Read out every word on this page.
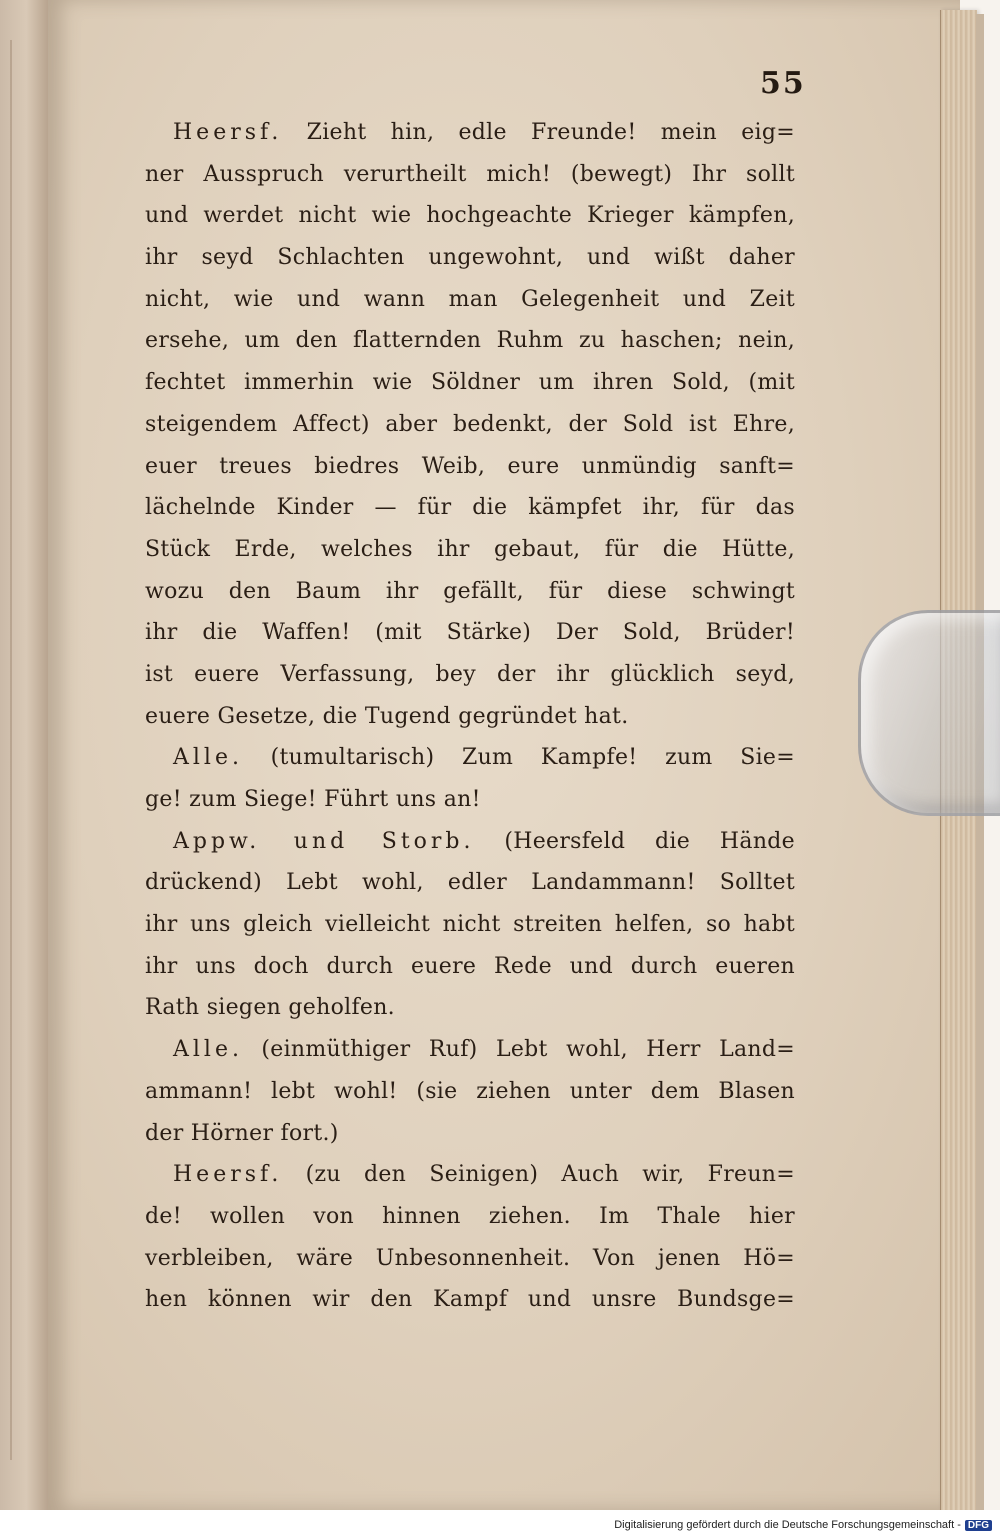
55
Heersf. Zieht hin, edle Freunde! mein eig=
ner Ausspruch verurtheilt mich! (bewegt) Ihr sollt
und werdet nicht wie hochgeachte Krieger kämpfen,
ihr seyd Schlachten ungewohnt, und wißt daher
nicht, wie und wann man Gelegenheit und Zeit
ersehe, um den flatternden Ruhm zu haschen; nein,
fechtet immerhin wie Söldner um ihren Sold, (mit
steigendem Affect) aber bedenkt, der Sold ist Ehre,
euer treues biedres Weib, eure unmündig sanft=
lächelnde Kinder — für die kämpfet ihr, für das
Stück Erde, welches ihr gebaut, für die Hütte,
wozu den Baum ihr gefällt, für diese schwingt
ihr die Waffen! (mit Stärke) Der Sold, Brüder!
ist euere Verfassung, bey der ihr glücklich seyd,
euere Gesetze, die Tugend gegründet hat.
Alle. (tumultarisch) Zum Kampfe! zum Sie=
ge! zum Siege! Führt uns an!
Appw. und Storb. (Heersfeld die Hände
drückend) Lebt wohl, edler Landammann! Solltet
ihr uns gleich vielleicht nicht streiten helfen, so habt
ihr uns doch durch euere Rede und durch eueren
Rath siegen geholfen.
Alle. (einmüthiger Ruf) Lebt wohl, Herr Land=
ammann! lebt wohl! (sie ziehen unter dem Blasen
der Hörner fort.)
Heersf. (zu den Seinigen) Auch wir, Freun=
de! wollen von hinnen ziehen. Im Thale hier
verbleiben, wäre Unbesonnenheit. Von jenen Hö=
hen können wir den Kampf und unsre Bundsge=
Digitalisierung gefördert durch die Deutsche Forschungsgemeinschaft - DFG
